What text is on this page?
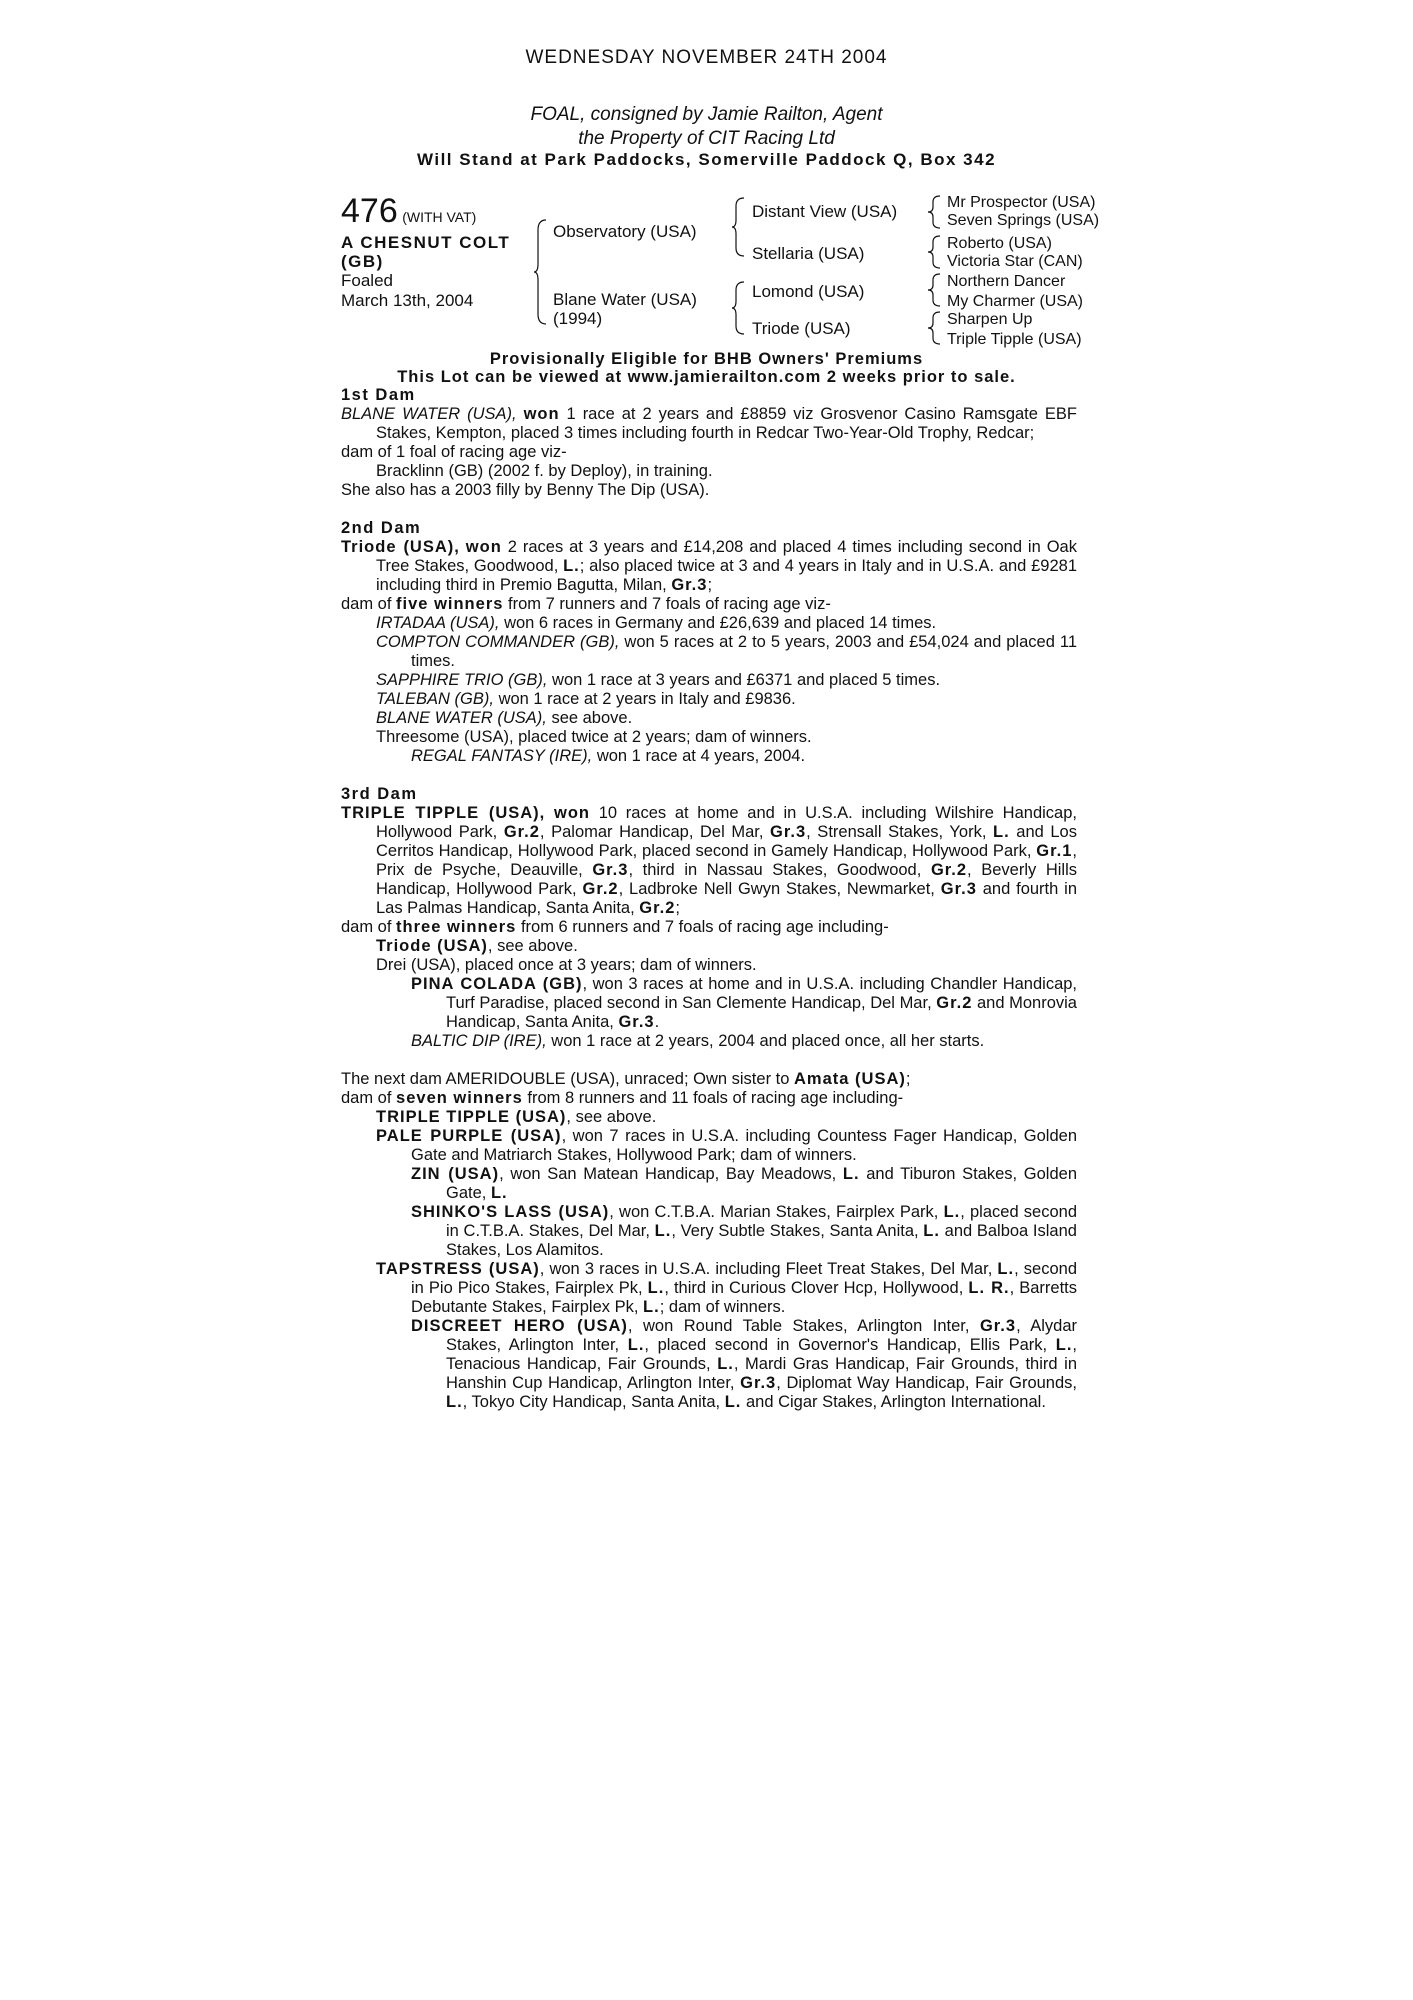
WEDNESDAY NOVEMBER 24TH 2004
FOAL, consigned by Jamie Railton, Agent
the Property of CIT Racing Ltd
Will Stand at Park Paddocks, Somerville Paddock Q, Box 342
476 (WITH VAT)
A CHESNUT COLT
(GB)
Foaled
March 13th, 2004
Observatory (USA)
Blane Water (USA)
(1994)
Distant View (USA)
Stellaria (USA)
Lomond (USA)
Triode (USA)
Mr Prospector (USA)
Seven Springs (USA)
Roberto (USA)
Victoria Star (CAN)
Northern Dancer
My Charmer (USA)
Sharpen Up
Triple Tipple (USA)
Provisionally Eligible for BHB Owners' Premiums
This Lot can be viewed at www.jamierailton.com 2 weeks prior to sale.

1st Dam

BLANE WATER (USA), won 1 race at 2 years and £8859 viz Grosvenor Casino Ramsgate EBF Stakes, Kempton, placed 3 times including fourth in Redcar Two-Year-Old Trophy, Redcar;

dam of 1 foal of racing age viz-

Bracklinn (GB) (2002 f. by Deploy), in training.

She also has a 2003 filly by Benny The Dip (USA).

2nd Dam

Triode (USA), won 2 races at 3 years and £14,208 and placed 4 times including second in Oak Tree Stakes, Goodwood, L.; also placed twice at 3 and 4 years in Italy and in U.S.A. and £9281 including third in Premio Bagutta, Milan, Gr.3;

dam of five winners from 7 runners and 7 foals of racing age viz-

IRTADAA (USA), won 6 races in Germany and £26,639 and placed 14 times.

COMPTON COMMANDER (GB), won 5 races at 2 to 5 years, 2003 and £54,024 and placed 11 times.

SAPPHIRE TRIO (GB), won 1 race at 3 years and £6371 and placed 5 times.

TALEBAN (GB), won 1 race at 2 years in Italy and £9836.

BLANE WATER (USA), see above.

Threesome (USA), placed twice at 2 years; dam of winners.

REGAL FANTASY (IRE), won 1 race at 4 years, 2004.

3rd Dam

TRIPLE TIPPLE (USA), won 10 races at home and in U.S.A. including Wilshire Handicap, Hollywood Park, Gr.2, Palomar Handicap, Del Mar, Gr.3, Strensall Stakes, York, L. and Los Cerritos Handicap, Hollywood Park, placed second in Gamely Handicap, Hollywood Park, Gr.1, Prix de Psyche, Deauville, Gr.3, third in Nassau Stakes, Goodwood, Gr.2, Beverly Hills Handicap, Hollywood Park, Gr.2, Ladbroke Nell Gwyn Stakes, Newmarket, Gr.3 and fourth in Las Palmas Handicap, Santa Anita, Gr.2;

dam of three winners from 6 runners and 7 foals of racing age including-

Triode (USA), see above.

Drei (USA), placed once at 3 years; dam of winners.

PINA COLADA (GB), won 3 races at home and in U.S.A. including Chandler Handicap, Turf Paradise, placed second in San Clemente Handicap, Del Mar, Gr.2 and Monrovia Handicap, Santa Anita, Gr.3.

BALTIC DIP (IRE), won 1 race at 2 years, 2004 and placed once, all her starts.

The next dam AMERIDOUBLE (USA), unraced; Own sister to Amata (USA);

dam of seven winners from 8 runners and 11 foals of racing age including-

TRIPLE TIPPLE (USA), see above.

PALE PURPLE (USA), won 7 races in U.S.A. including Countess Fager Handicap, Golden Gate and Matriarch Stakes, Hollywood Park; dam of winners.

ZIN (USA), won San Matean Handicap, Bay Meadows, L. and Tiburon Stakes, Golden Gate, L.

SHINKO'S LASS (USA), won C.T.B.A. Marian Stakes, Fairplex Park, L., placed second in C.T.B.A. Stakes, Del Mar, L., Very Subtle Stakes, Santa Anita, L. and Balboa Island Stakes, Los Alamitos.

TAPSTRESS (USA), won 3 races in U.S.A. including Fleet Treat Stakes, Del Mar, L., second in Pio Pico Stakes, Fairplex Pk, L., third in Curious Clover Hcp, Hollywood, L. R., Barretts Debutante Stakes, Fairplex Pk, L.; dam of winners.

DISCREET HERO (USA), won Round Table Stakes, Arlington Inter, Gr.3, Alydar Stakes, Arlington Inter, L., placed second in Governor's Handicap, Ellis Park, L., Tenacious Handicap, Fair Grounds, L., Mardi Gras Handicap, Fair Grounds, third in Hanshin Cup Handicap, Arlington Inter, Gr.3, Diplomat Way Handicap, Fair Grounds, L., Tokyo City Handicap, Santa Anita, L. and Cigar Stakes, Arlington International.
